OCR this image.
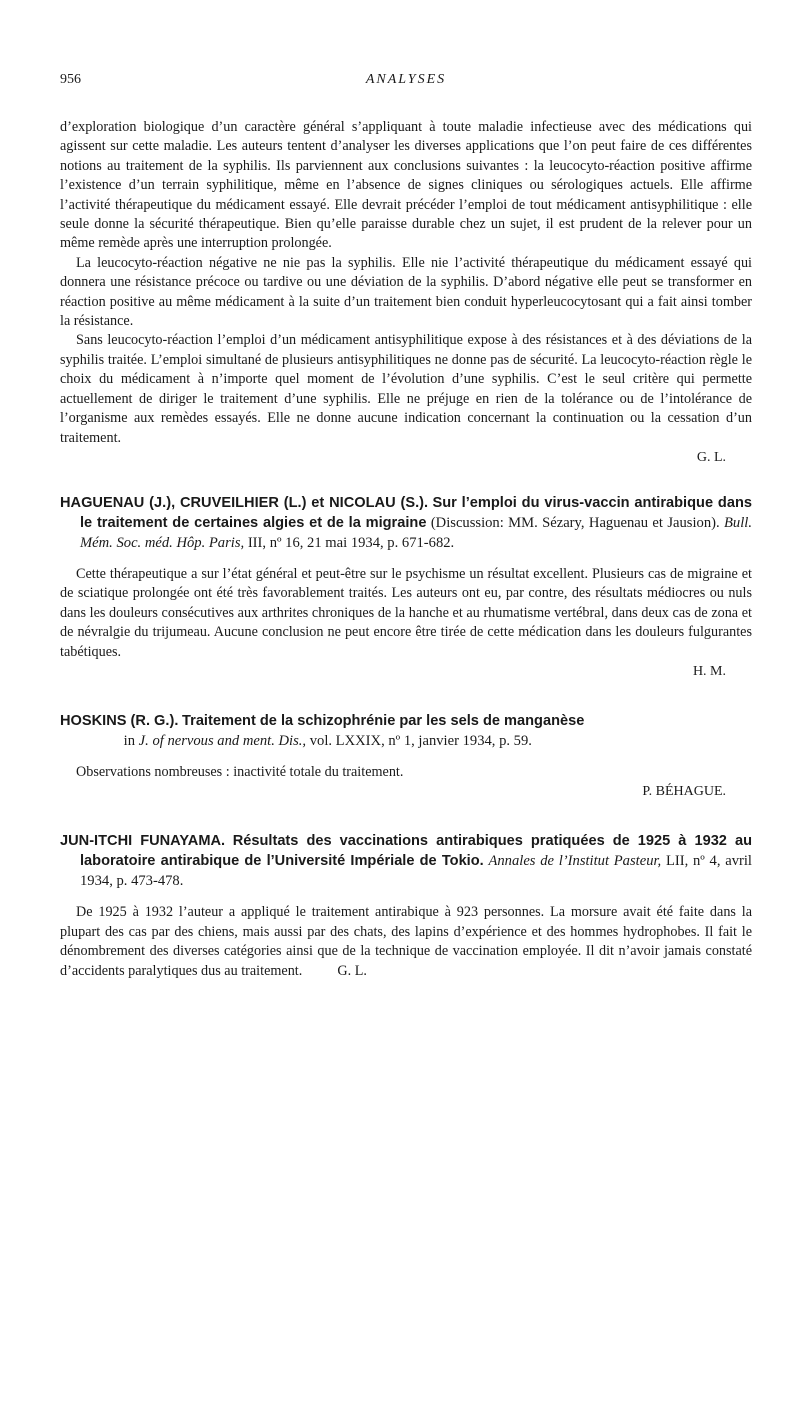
956	ANALYSES

d’exploration biologique d’un caractère général s’appliquant à toute maladie infectieuse avec des médications qui agissent sur cette maladie. Les auteurs tentent d’analyser les diverses applications que l’on peut faire de ces différentes notions au traitement de la syphilis. Ils parviennent aux conclusions suivantes : la leucocyto-réaction positive affirme l’existence d’un terrain syphilitique, même en l’absence de signes cliniques ou sérologiques actuels. Elle affirme l’activité thérapeutique du médicament essayé. Elle devrait précéder l’emploi de tout médicament antisyphilitique : elle seule donne la sécurité thérapeutique. Bien qu’elle paraisse durable chez un sujet, il est prudent de la relever pour un même remède après une interruption prolongée.

La leucocyto-réaction négative ne nie pas la syphilis. Elle nie l’activité thérapeutique du médicament essayé qui donnera une résistance précoce ou tardive ou une déviation de la syphilis. D’abord négative elle peut se transformer en réaction positive au même médicament à la suite d’un traitement bien conduit hyperleucocytosant qui a fait ainsi tomber la résistance.

Sans leucocyto-réaction l’emploi d’un médicament antisyphilitique expose à des résistances et à des déviations de la syphilis traitée. L’emploi simultané de plusieurs antisyphilitiques ne donne pas de sécurité. La leucocyto-réaction règle le choix du médicament à n’importe quel moment de l’évolution d’une syphilis. C’est le seul critère qui permette actuellement de diriger le traitement d’une syphilis. Elle ne préjuge en rien de la tolérance ou de l’intolérance de l’organisme aux remèdes essayés. Elle ne donne aucune indication concernant la continuation ou la cessation d’un traitement.

G. L.
HAGUENAU (J.), CRUVEILHIER (L.) et NICOLAU (S.). Sur l’emploi du virus-vaccin antirabique dans le traitement de certaines algies et de la migraine (Discussion: MM. Sézary, Haguenau et Jausion). Bull. Mém. Soc. méd. Hôp. Paris, III, nº 16, 21 mai 1934, p. 671-682.

Cette thérapeutique a sur l’état général et peut-être sur le psychisme un résultat excellent. Plusieurs cas de migraine et de sciatique prolongée ont été très favorablement traités. Les auteurs ont eu, par contre, des résultats médiocres ou nuls dans les douleurs consécutives aux arthrites chroniques de la hanche et au rhumatisme vertébral, dans deux cas de zona et de névralgie du trijumeau. Aucune conclusion ne peut encore être tirée de cette médication dans les douleurs fulgurantes tabétiques.

H. M.
HOSKINS (R. G.). Traitement de la schizophrénie par les sels de manganèse
in J. of nervous and ment. Dis., vol. LXXIX, nº 1, janvier 1934, p. 59.

Observations nombreuses : inactivité totale du traitement.

P. BÉHAGUE.
JUN-ITCHI FUNAYAMA. Résultats des vaccinations antirabiques pratiquées de 1925 à 1932 au laboratoire antirabique de l’Université Impériale de Tokio. Annales de l’Institut Pasteur, LII, nº 4, avril 1934, p. 473-478.

De 1925 à 1932 l’auteur a appliqué le traitement antirabique à 923 personnes. La morsure avait été faite dans la plupart des cas par des chiens, mais aussi par des chats, des lapins d’expérience et des hommes hydrophobes. Il fait le dénombrement des diverses catégories ainsi que de la technique de vaccination employée. Il dit n’avoir jamais constaté d’accidents paralytiques dus au traitement. G. L.
